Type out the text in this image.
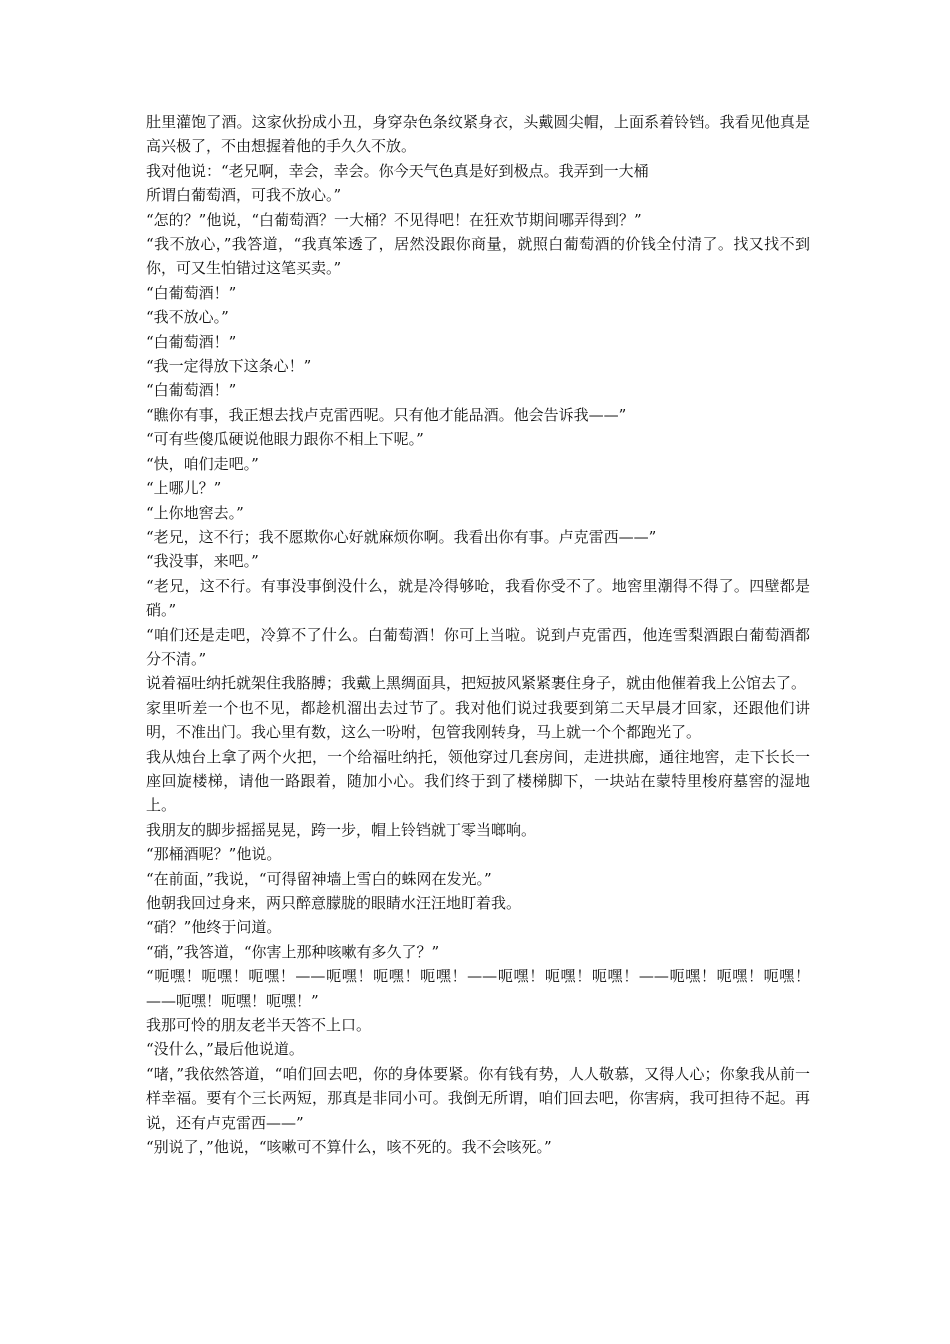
肚里灌饱了酒。这家伙扮成小丑，身穿杂色条纹紧身衣，头戴圆尖帽，上面系着铃铛。我看见他真是高兴极了，不由想握着他的手久久不放。

我对他说：“老兄啊，幸会，幸会。你今天气色真是好到极点。我弄到一大桶

所谓白葡萄酒，可我不放心。”

“怎的？”他说，“白葡萄酒？一大桶？不见得吧！在狂欢节期间哪弄得到？”

“我不放心，”我答道，“我真笨透了，居然没跟你商量，就照白葡萄酒的价钱全付清了。找又找不到你，可又生怕错过这笔买卖。”

“白葡萄酒！”

“我不放心。”

“白葡萄酒！”

“我一定得放下这条心！”

“白葡萄酒！”

“瞧你有事，我正想去找卢克雷西呢。只有他才能品酒。他会告诉我——”

“可有些傻瓜硬说他眼力跟你不相上下呢。”

“快，咱们走吧。”

“上哪儿？”

“上你地窖去。”

“老兄，这不行；我不愿欺你心好就麻烦你啊。我看出你有事。卢克雷西——”

“我没事，来吧。”

“老兄，这不行。有事没事倒没什么，就是冷得够呛，我看你受不了。地窖里潮得不得了。四壁都是硝。”

“咱们还是走吧，冷算不了什么。白葡萄酒！你可上当啦。说到卢克雷西，他连雪梨酒跟白葡萄酒都分不清。”

说着福吐纳托就架住我胳膊；我戴上黑绸面具，把短披风紧紧裹住身子，就由他催着我上公馆去了。

家里听差一个也不见，都趁机溜出去过节了。我对他们说过我要到第二天早晨才回家，还跟他们讲明，不准出门。我心里有数，这么一吩咐，包管我刚转身，马上就一个个都跑光了。

我从烛台上拿了两个火把，一个给福吐纳托，领他穿过几套房间，走进拱廊，通往地窖，走下长长一座回旋楼梯，请他一路跟着，随加小心。我们终于到了楼梯脚下，一块站在蒙特里梭府墓窖的湿地上。

我朋友的脚步摇摇晃晃，跨一步，帽上铃铛就丁零当啷响。

“那桶酒呢？”他说。

“在前面，”我说，“可得留神墙上雪白的蛛网在发光。”

他朝我回过身来，两只醉意朦胧的眼睛水汪汪地盯着我。

“硝？”他终于问道。

“硝，”我答道，“你害上那种咳嗽有多久了？”

“呃嘿！呃嘿！呃嘿！——呃嘿！呃嘿！呃嘿！——呃嘿！呃嘿！呃嘿！——呃嘿！呃嘿！呃嘿！——呃嘿！呃嘿！呃嘿！”

我那可怜的朋友老半天答不上口。

“没什么，”最后他说道。

“啫，”我依然答道，“咱们回去吧，你的身体要紧。你有钱有势，人人敬慕，又得人心；你象我从前一样幸福。要有个三长两短，那真是非同小可。我倒无所谓，咱们回去吧，你害病，我可担待不起。再说，还有卢克雷西——”

“别说了，”他说，“咳嗽可不算什么，咳不死的。我不会咳死。”
